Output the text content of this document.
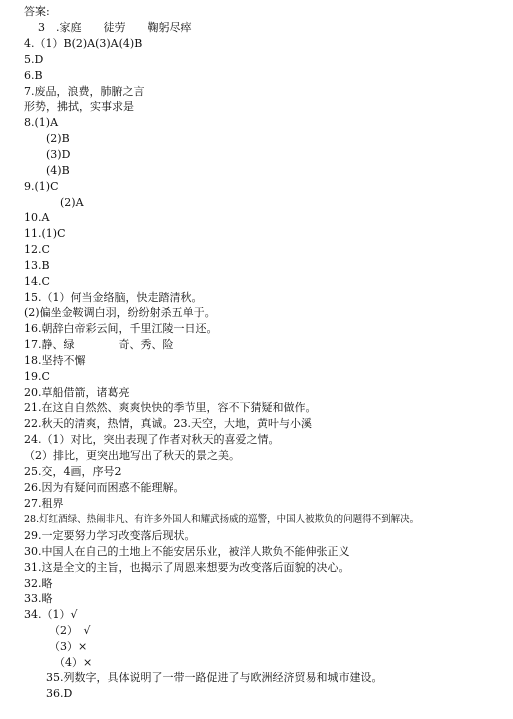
答案:
3　.家庭　　徒劳　　鞠躬尽瘁
4.（1）B(2)A(3)A(4)B
5.D
6.B
7.废品，浪费，肺腑之言
形势，拂拭，实事求是
8.(1)A
(2)B
(3)D
(4)B
9.(1)C
(2)A
10.A
11.(1)C
12.C
13.B
14.C
15.（1）何当金络脑，快走踏清秋。
(2)偏坐金鞍调白羽，纷纷射杀五单于。
16.朝辞白帝彩云间，千里江陵一日还。
17.静、绿　　　　奇、秀、险
18.坚持不懈
19.C
20.草船借箭，诸葛亮
21.在这自自然然、爽爽快快的季节里，容不下猜疑和做作。
22.秋天的清爽，热情，真诚。23.天空，大地，黄叶与小溪
24.（1）对比，突出表现了作者对秋天的喜爱之情。
（2）排比，更突出地写出了秋天的景之美。
25.交，4画，序号2
26.因为有疑问而困惑不能理解。
27.租界
28.灯红酒绿、热闹非凡、有许多外国人和耀武扬威的巡警，中国人被欺负的问题得不到解决。
29.一定要努力学习改变落后现状。
30.中国人在自己的土地上不能安居乐业，被洋人欺负不能伸张正义
31.这是全文的主旨，也揭示了周恩来想要为改变落后面貌的决心。
32.略
33.略
34.（1）√
（2）　√
（3）×
（4）×
35.列数字，具体说明了一带一路促进了与欧洲经济贸易和城市建设。
36.D
